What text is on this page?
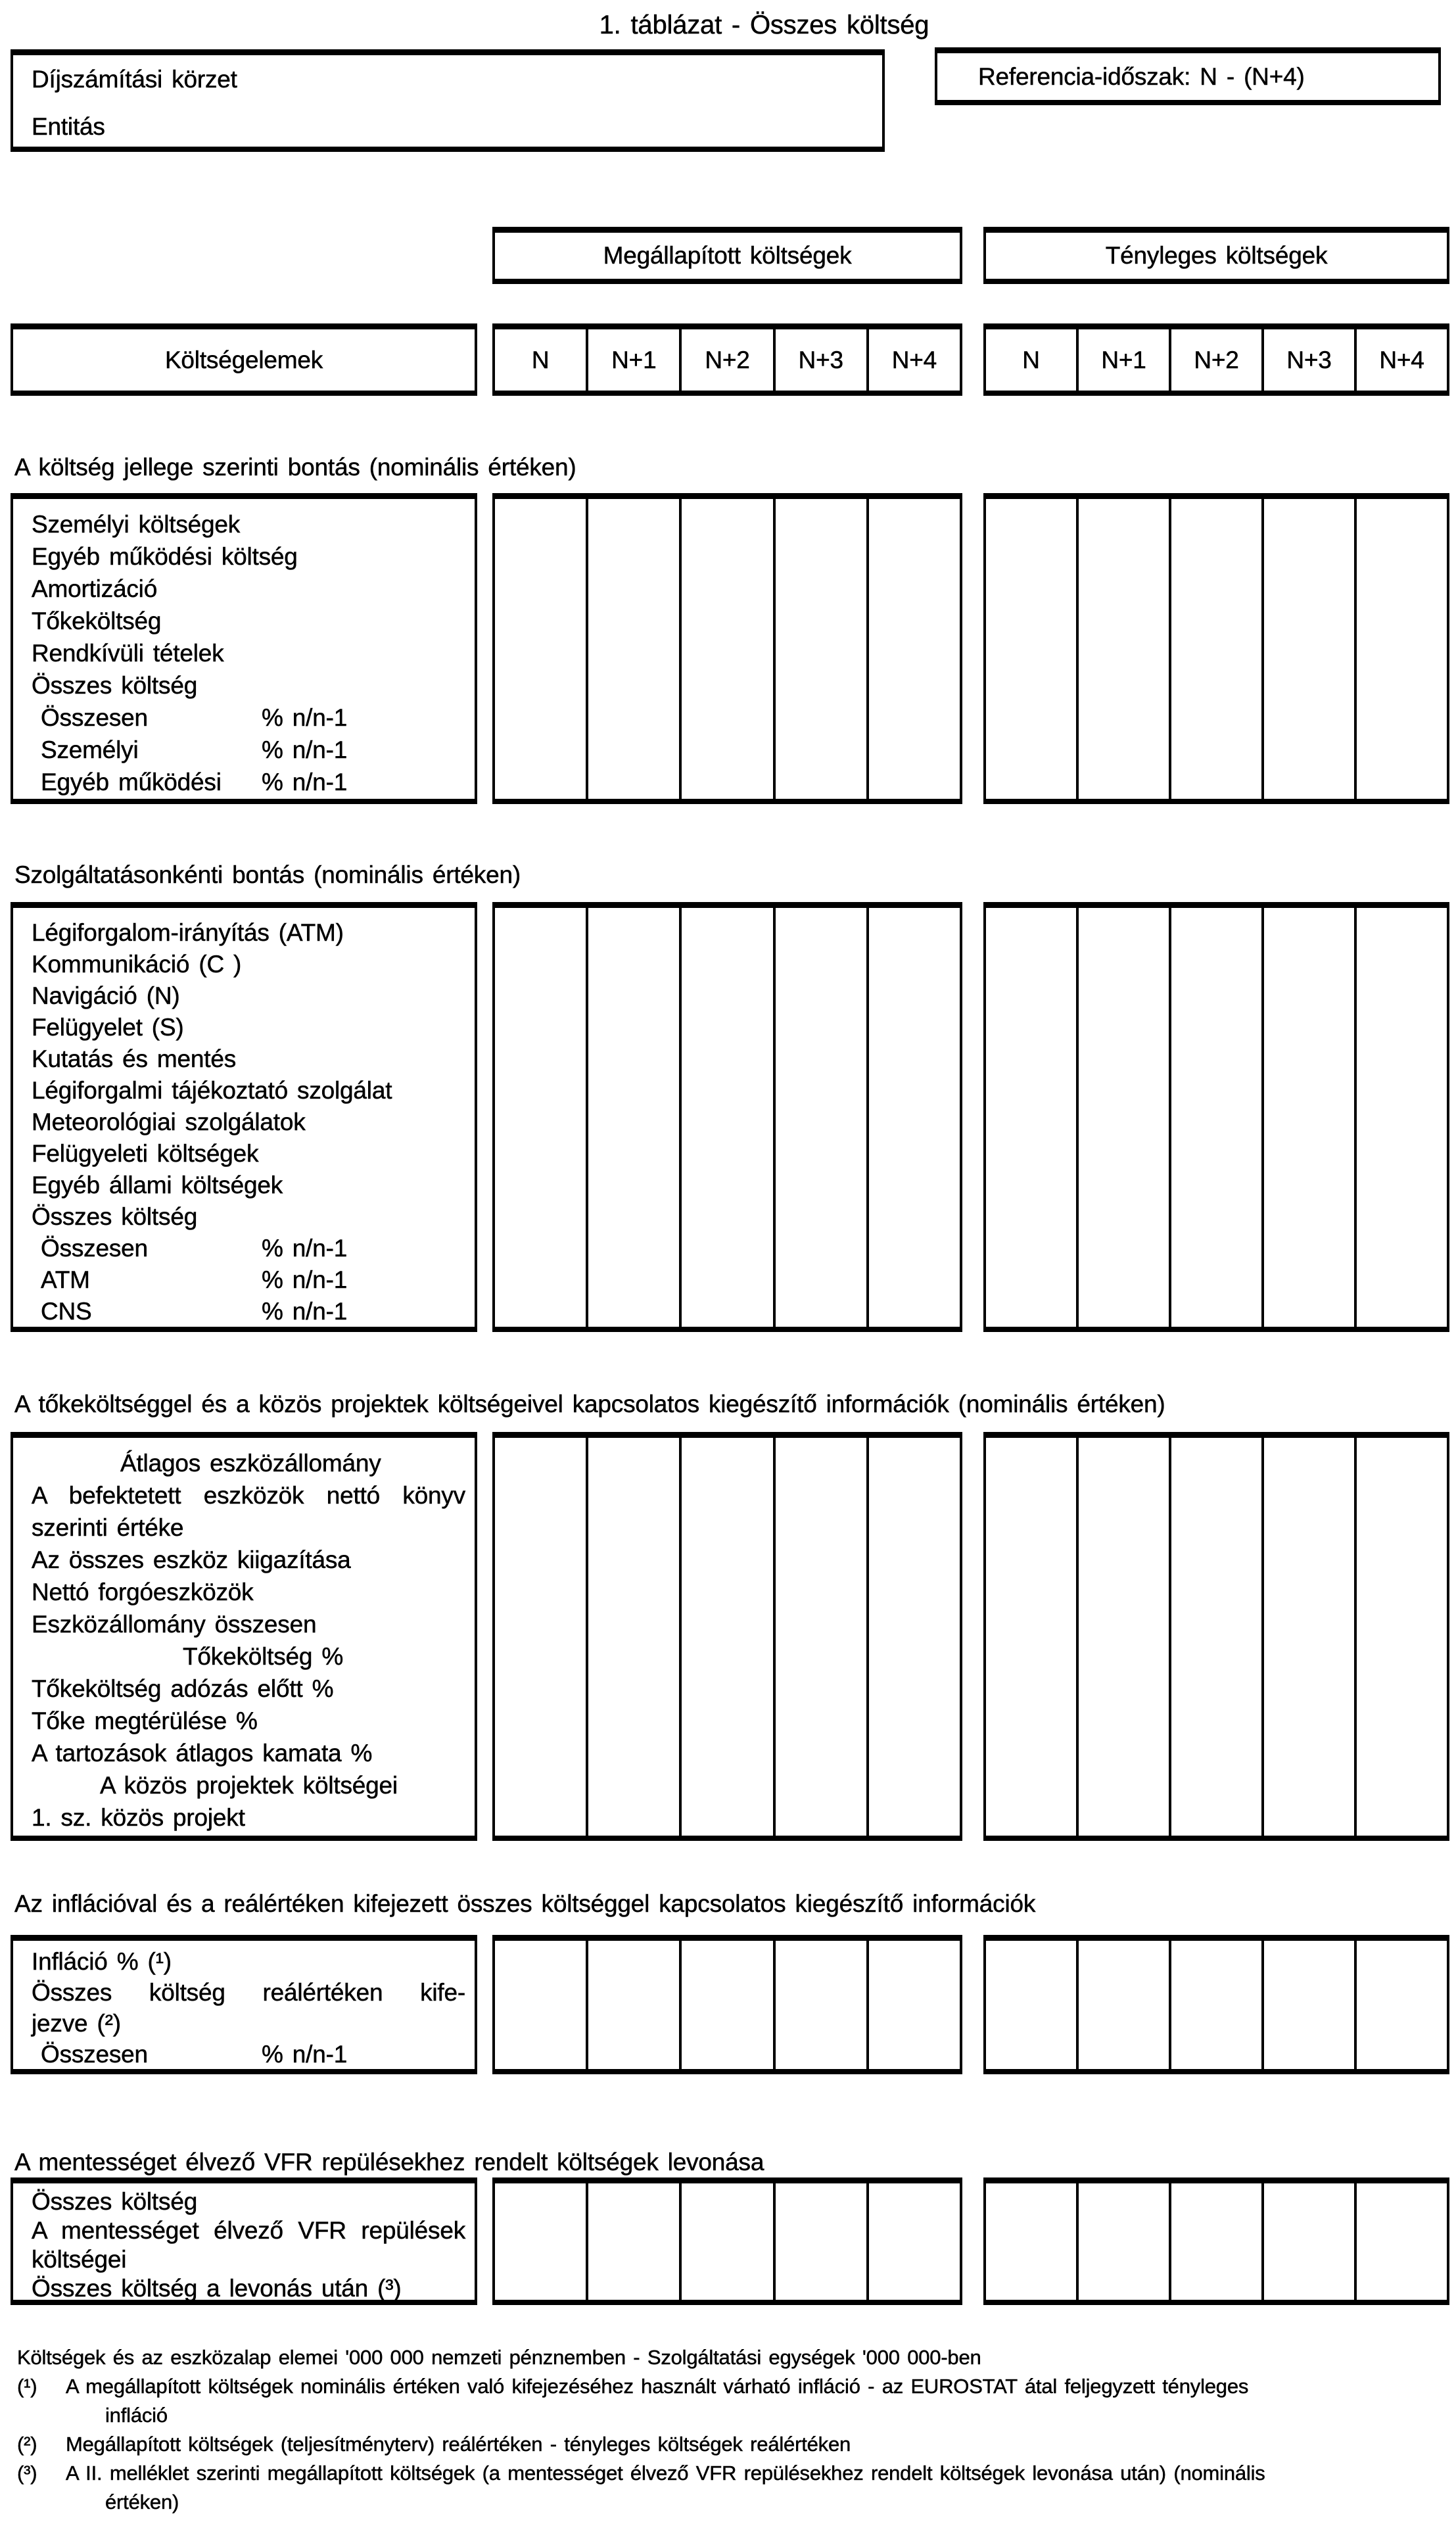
1. táblázat - Összes költség
Díjszámítási körzet
Entitás
Referencia-időszak: N - (N+4)
Megállapított költségek	Tényleges költségek
Költségelemek	N	N+1	N+2	N+3	N+4	N	N+1	N+2	N+3	N+4
A költség jellege szerinti bontás (nominális értéken)
Személyi költségek
Egyéb működési költség
Amortizáció
Tőkeköltség
Rendkívüli tételek
Összes költség
Összesen	% n/n-1
Személyi	% n/n-1
Egyéb működési % n/n-1
Szolgáltatásonkénti bontás (nominális értéken)
Légiforgalom-irányítás (ATM)
Kommunikáció (C )
Navigáció (N)
Felügyelet (S)
Kutatás és mentés
Légiforgalmi tájékoztató szolgálat
Meteorológiai szolgálatok
Felügyeleti költségek
Egyéb állami költségek
Összes költség
Összesen	% n/n-1
ATM	% n/n-1
CNS	% n/n-1
A tőkeköltséggel és a közös projektek költségeivel kapcsolatos kiegészítő információk (nominális értéken)
Átlagos eszközállomány
A befektetett eszközök nettó könyv
szerinti értéke
Az összes eszköz kiigazítása
Nettó forgóeszközök
Eszközállomány összesen
Tőkeköltség %
Tőkeköltség adózás előtt %
Tőke megtérülése %
A tartozások átlagos kamata %
A közös projektek költségei
1. sz. közös projekt
Az inflációval és a reálértéken kifejezett összes költséggel kapcsolatos kiegészítő információk
Infláció % (¹)
Összes költség reálértéken kife-
jezve (²)
Összesen	% n/n-1
A mentességet élvező VFR repülésekhez rendelt költségek levonása
Összes költség
A mentességet élvező VFR repülések
költségei
Összes költség a levonás után (³)
Költségek és az eszközalap elemei '000 000 nemzeti pénznemben - Szolgáltatási egységek '000 000-ben
(¹) A megállapított költségek nominális értéken való kifejezéséhez használt várható infláció - az EUROSTAT átal feljegyzett tényleges
infláció
(²) Megállapított költségek (teljesítményterv) reálértéken - tényleges költségek reálértéken
(³) A II. melléklet szerinti megállapított költségek (a mentességet élvező VFR repülésekhez rendelt költségek levonása után) (nominális
értéken)
